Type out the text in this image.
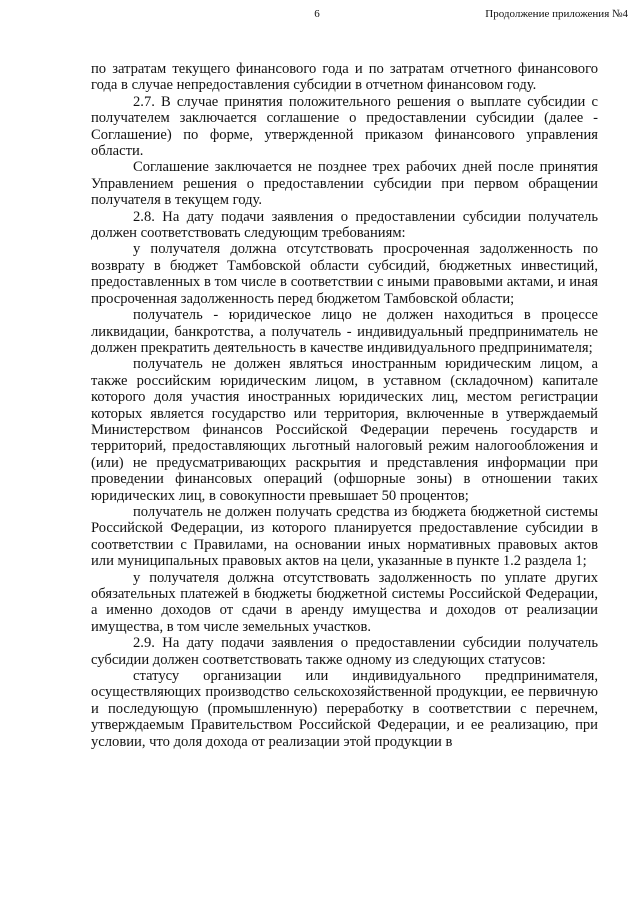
6	Продолжение приложения №4

по затратам текущего финансового года и по затратам отчетного финансового года в случае непредоставления субсидии в отчетном финансовом году.

2.7. В случае принятия положительного решения о выплате субсидии с получателем заключается соглашение о предоставлении субсидии (далее - Соглашение) по форме, утвержденной приказом финансового управления области.

Соглашение заключается не позднее трех рабочих дней после принятия Управлением решения о предоставлении субсидии при первом обращении получателя в текущем году.

2.8. На дату подачи заявления о предоставлении субсидии получатель должен соответствовать следующим требованиям:

у получателя должна отсутствовать просроченная задолженность по возврату в бюджет Тамбовской области субсидий, бюджетных инвестиций, предоставленных в том числе в соответствии с иными правовыми актами, и иная просроченная задолженность перед бюджетом Тамбовской области;

получатель - юридическое лицо не должен находиться в процессе ликвидации, банкротства, а получатель - индивидуальный предприниматель не должен прекратить деятельность в качестве индивидуального предпринимателя;

получатель не должен являться иностранным юридическим лицом, а также российским юридическим лицом, в уставном (складочном) капитале которого доля участия иностранных юридических лиц, местом регистрации которых является государство или территория, включенные в утверждаемый Министерством финансов Российской Федерации перечень государств и территорий, предоставляющих льготный налоговый режим налогообложения и (или) не предусматривающих раскрытия и представления информации при проведении финансовых операций (офшорные зоны) в отношении таких юридических лиц, в совокупности превышает 50 процентов;

получатель не должен получать средства из бюджета бюджетной системы Российской Федерации, из которого планируется предоставление субсидии в соответствии с Правилами, на основании иных нормативных правовых актов или муниципальных правовых актов на цели, указанные в пункте 1.2 раздела 1;

у получателя должна отсутствовать задолженность по уплате других обязательных платежей в бюджеты бюджетной системы Российской Федерации, а именно доходов от сдачи в аренду имущества и доходов от реализации имущества, в том числе земельных участков.

2.9. На дату подачи заявления о предоставлении субсидии получатель субсидии должен соответствовать также одному из следующих статусов:

статусу организации или индивидуального предпринимателя, осуществляющих производство сельскохозяйственной продукции, ее первичную и последующую (промышленную) переработку в соответствии с перечнем, утверждаемым Правительством Российской Федерации, и ее реализацию, при условии, что доля дохода от реализации этой продукции в
